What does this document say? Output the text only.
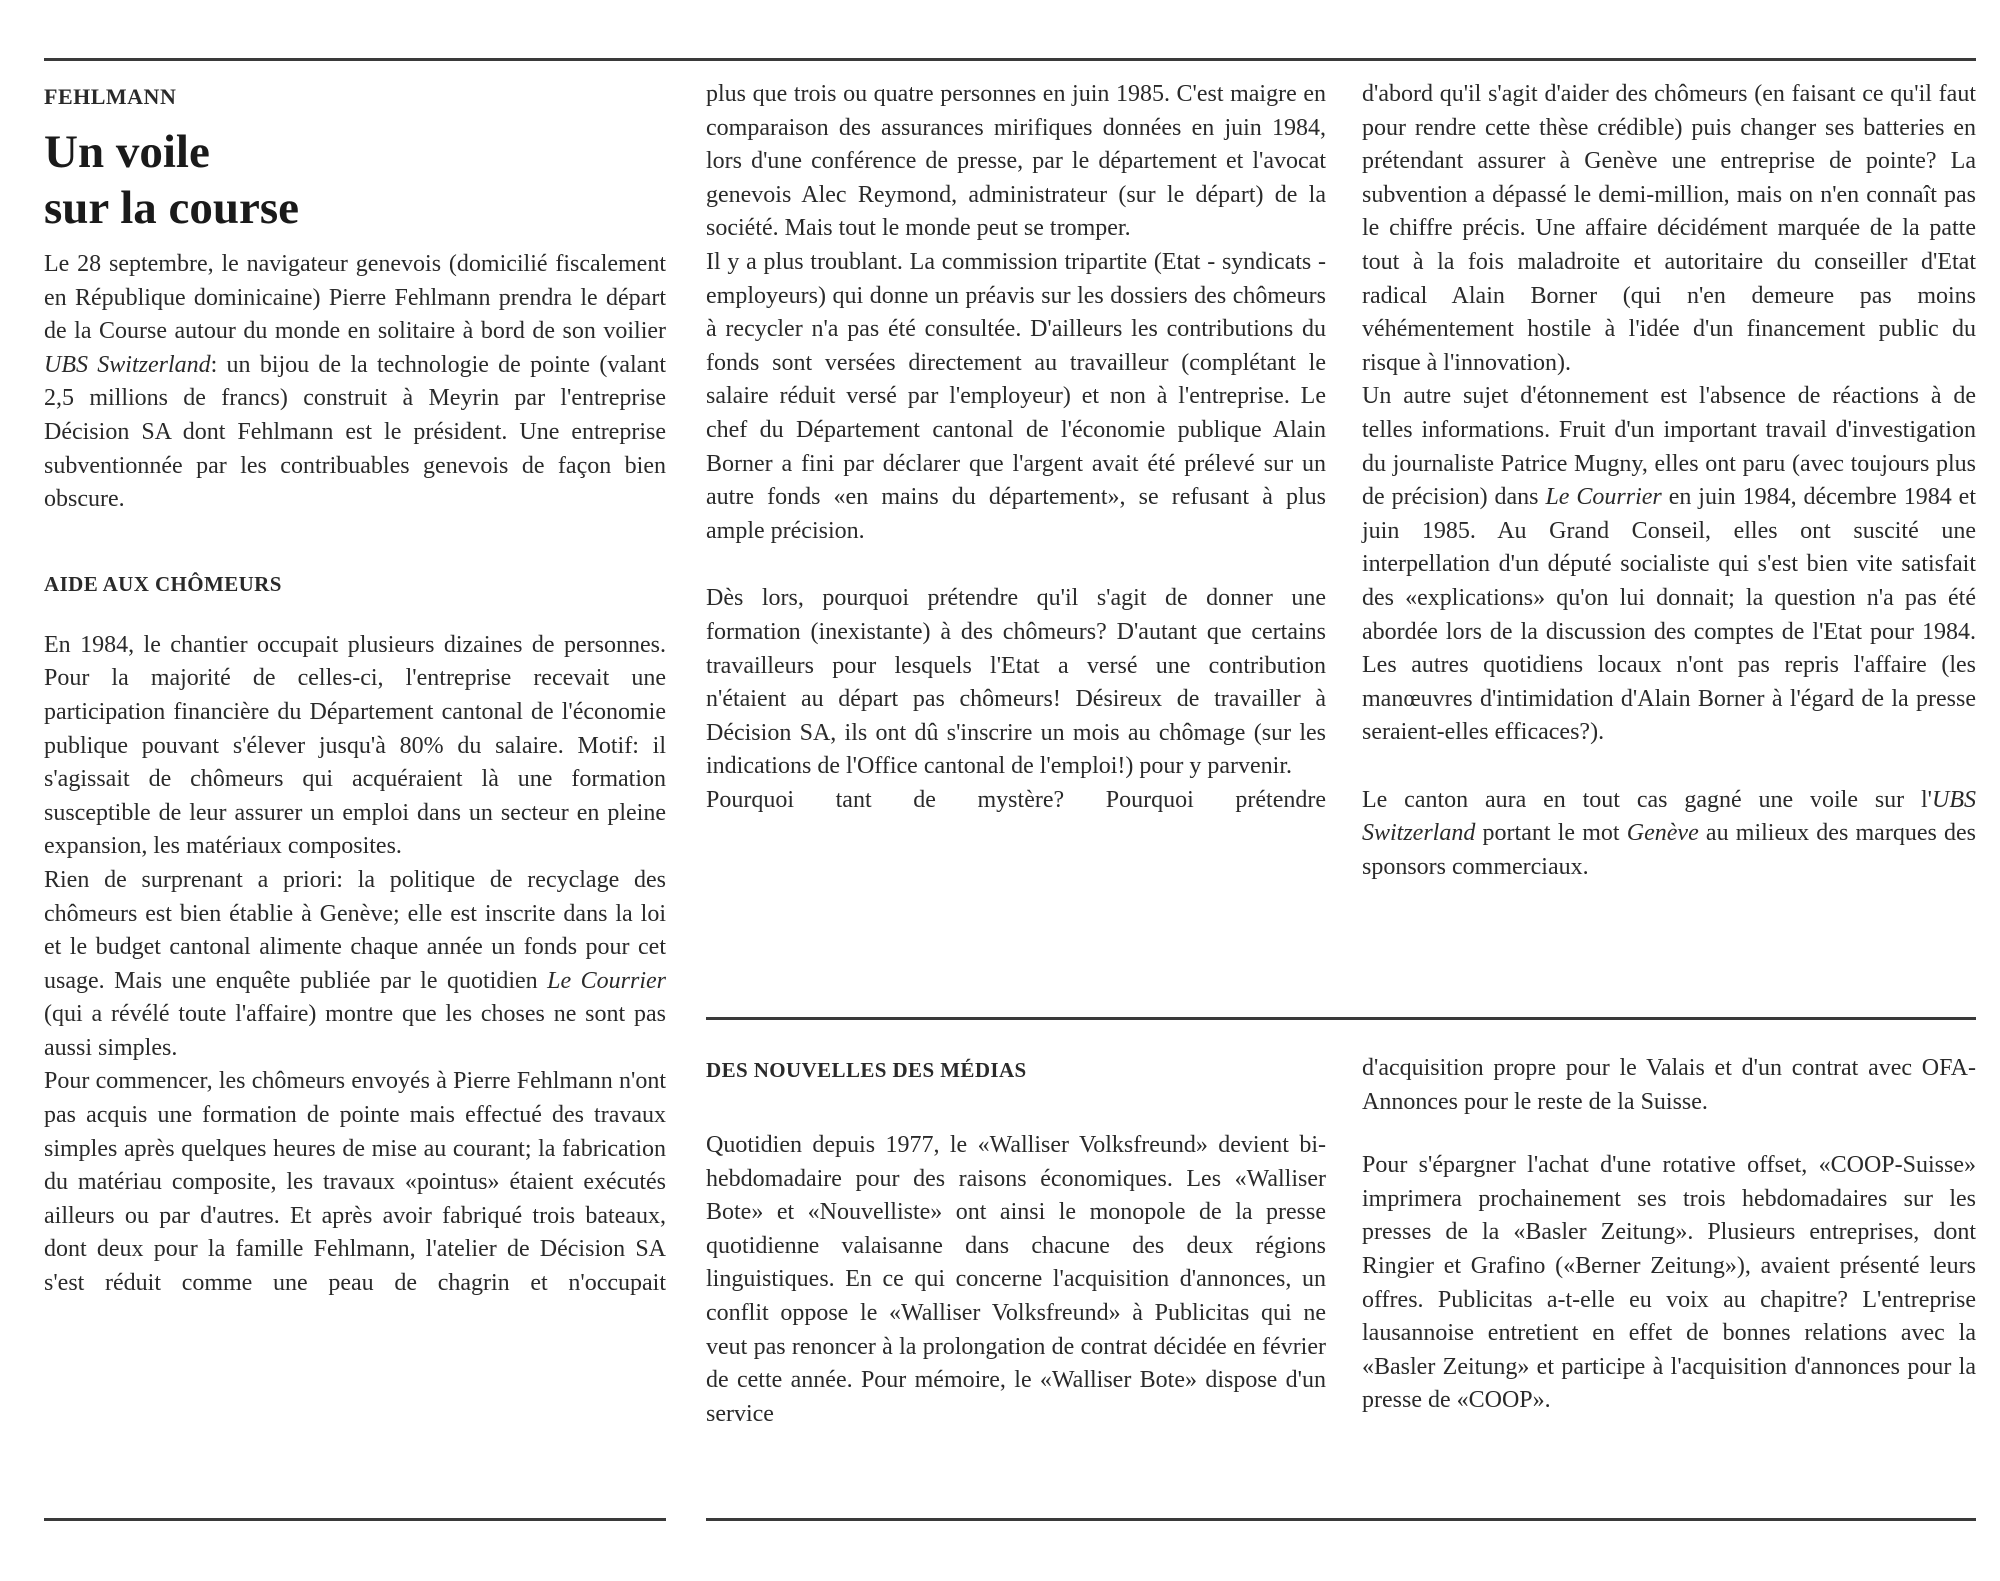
FEHLMANN

Un voile

sur la course

Le 28 septembre, le navigateur genevois (domicilié fiscalement en République dominicaine) Pierre Fehlmann prendra le départ de la Course autour du monde en solitaire à bord de son voilier UBS Switzerland: un bijou de la technologie de pointe (valant 2,5 millions de francs) construit à Meyrin par l'entreprise Décision SA dont Fehlmann est le président. Une entreprise subventionnée par les contribuables genevois de façon bien obscure.

AIDE AUX CHÔMEURS

En 1984, le chantier occupait plusieurs dizaines de personnes. Pour la majorité de celles-ci, l'entreprise recevait une participation financière du Département cantonal de l'économie publique pouvant s'élever jusqu'à 80% du salaire. Motif: il s'agissait de chômeurs qui acquéraient là une formation susceptible de leur assurer un emploi dans un secteur en pleine expansion, les matériaux composites.

Rien de surprenant a priori: la politique de recyclage des chômeurs est bien établie à Genève; elle est inscrite dans la loi et le budget cantonal alimente chaque année un fonds pour cet usage. Mais une enquête publiée par le quotidien Le Courrier (qui a révélé toute l'affaire) montre que les choses ne sont pas aussi simples.

Pour commencer, les chômeurs envoyés à Pierre Fehlmann n'ont pas acquis une formation de pointe mais effectué des travaux simples après quelques heures de mise au courant; la fabrication du matériau composite, les travaux «pointus» étaient exécutés ailleurs ou par d'autres. Et après avoir fabriqué trois bateaux, dont deux pour la famille Fehlmann, l'atelier de Décision SA s'est réduit comme une peau de chagrin et n'occupait

plus que trois ou quatre personnes en juin 1985. C'est maigre en comparaison des assurances mirifiques données en juin 1984, lors d'une conférence de presse, par le département et l'avocat genevois Alec Reymond, administrateur (sur le départ) de la société. Mais tout le monde peut se tromper.

Il y a plus troublant. La commission tripartite (Etat - syndicats - employeurs) qui donne un préavis sur les dossiers des chômeurs à recycler n'a pas été consultée. D'ailleurs les contributions du fonds sont versées directement au travailleur (complétant le salaire réduit versé par l'employeur) et non à l'entreprise. Le chef du Département cantonal de l'économie publique Alain Borner a fini par déclarer que l'argent avait été prélevé sur un autre fonds «en mains du département», se refusant à plus ample précision.

Dès lors, pourquoi prétendre qu'il s'agit de donner une formation (inexistante) à des chômeurs? D'autant que certains travailleurs pour lesquels l'Etat a versé une contribution n'étaient au départ pas chômeurs! Désireux de travailler à Décision SA, ils ont dû s'inscrire un mois au chômage (sur les indications de l'Office cantonal de l'emploi!) pour y parvenir.

Pourquoi tant de mystère? Pourquoi prétendre

d'abord qu'il s'agit d'aider des chômeurs (en faisant ce qu'il faut pour rendre cette thèse crédible) puis changer ses batteries en prétendant assurer à Genève une entreprise de pointe? La subvention a dépassé le demi-million, mais on n'en connaît pas le chiffre précis. Une affaire décidément marquée de la patte tout à la fois maladroite et autoritaire du conseiller d'Etat radical Alain Borner (qui n'en demeure pas moins véhémentement hostile à l'idée d'un financement public du risque à l'innovation).

Un autre sujet d'étonnement est l'absence de réactions à de telles informations. Fruit d'un important travail d'investigation du journaliste Patrice Mugny, elles ont paru (avec toujours plus de précision) dans Le Courrier en juin 1984, décembre 1984 et juin 1985. Au Grand Conseil, elles ont suscité une interpellation d'un député socialiste qui s'est bien vite satisfait des «explications» qu'on lui donnait; la question n'a pas été abordée lors de la discussion des comptes de l'Etat pour 1984. Les autres quotidiens locaux n'ont pas repris l'affaire (les manœuvres d'intimidation d'Alain Borner à l'égard de la presse seraient-elles efficaces?).

Le canton aura en tout cas gagné une voile sur l'UBS Switzerland portant le mot Genève au milieux des marques des sponsors commerciaux.

DES NOUVELLES DES MÉDIAS

Quotidien depuis 1977, le «Walliser Volksfreund» devient bi-hebdomadaire pour des raisons économiques. Les «Walliser Bote» et «Nouvelliste» ont ainsi le monopole de la presse quotidienne valaisanne dans chacune des deux régions linguistiques. En ce qui concerne l'acquisition d'annonces, un conflit oppose le «Walliser Volksfreund» à Publicitas qui ne veut pas renoncer à la prolongation de contrat décidée en février de cette année. Pour mémoire, le «Walliser Bote» dispose d'un service

d'acquisition propre pour le Valais et d'un contrat avec OFA-Annonces pour le reste de la Suisse.

Pour s'épargner l'achat d'une rotative offset, «COOP-Suisse» imprimera prochainement ses trois hebdomadaires sur les presses de la «Basler Zeitung». Plusieurs entreprises, dont Ringier et Grafino («Berner Zeitung»), avaient présenté leurs offres. Publicitas a-t-elle eu voix au chapitre? L'entreprise lausannoise entretient en effet de bonnes relations avec la «Basler Zeitung» et participe à l'acquisition d'annonces pour la presse de «COOP».
